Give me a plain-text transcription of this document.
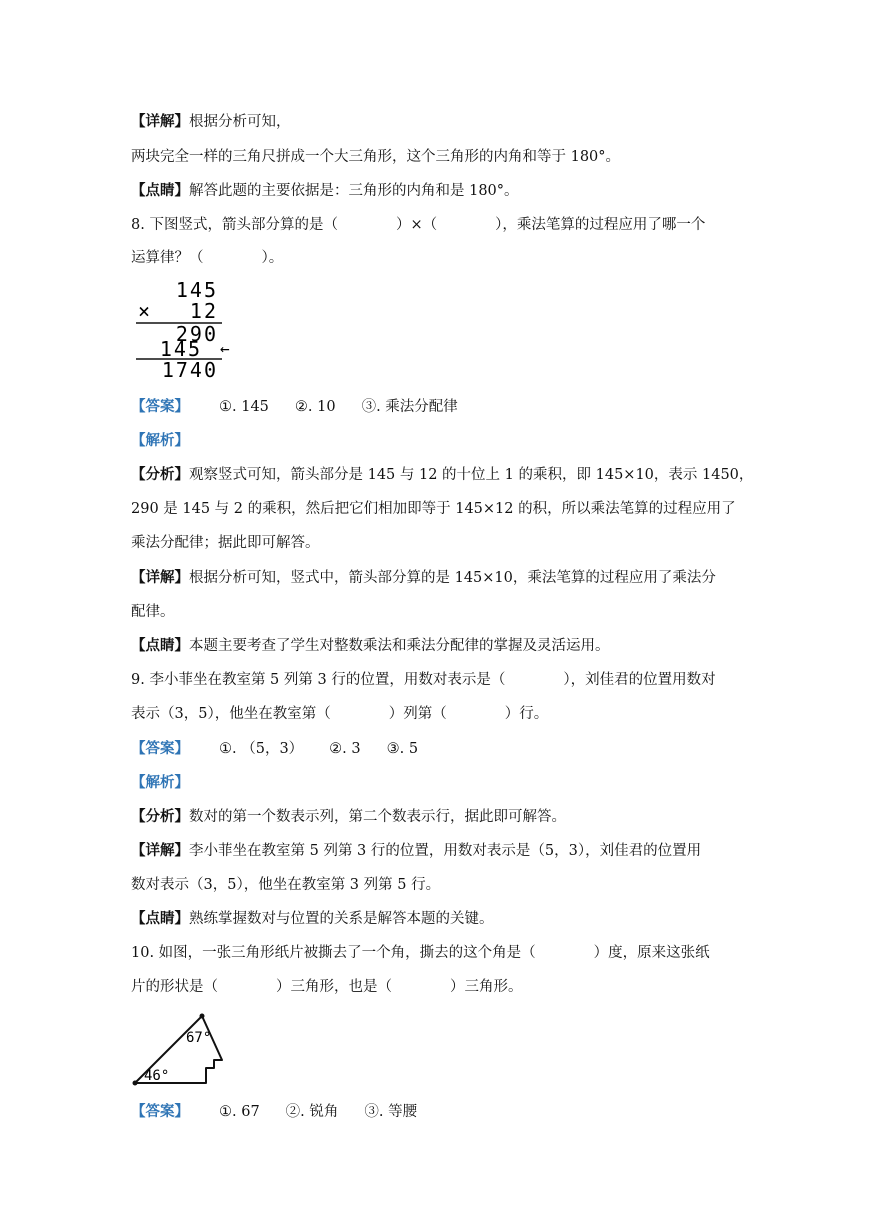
【详解】根据分析可知，
两块完全一样的三角尺拼成一个大三角形，这个三角形的内角和等于 180°。
【点睛】解答此题的主要依据是：三角形的内角和是 180°。
8. 下图竖式，箭头部分算的是（　　　　）×（　　　　），乘法笔算的过程应用了哪一个
运算律？（　　　　）。
145
× 12
290
145 ←
1740
【答案】 ①. 145 ②. 10 ③. 乘法分配律
【解析】
【分析】观察竖式可知，箭头部分是 145 与 12 的十位上 1 的乘积，即 145×10，表示 1450，
290 是 145 与 2 的乘积，然后把它们相加即等于 145×12 的积，所以乘法笔算的过程应用了
乘法分配律；据此即可解答。
【详解】根据分析可知，竖式中，箭头部分算的是 145×10，乘法笔算的过程应用了乘法分
配律。
【点睛】本题主要考查了学生对整数乘法和乘法分配律的掌握及灵活运用。
9. 李小菲坐在教室第 5 列第 3 行的位置，用数对表示是（　　　　），刘佳君的位置用数对
表示（3，5），他坐在教室第（　　　　）列第（　　　　）行。
【答案】 ①. （5，3） ②. 3 ③. 5
【解析】
【分析】数对的第一个数表示列，第二个数表示行，据此即可解答。
【详解】李小菲坐在教室第 5 列第 3 行的位置，用数对表示是（5，3），刘佳君的位置用
数对表示（3，5），他坐在教室第 3 列第 5 行。
【点睛】熟练掌握数对与位置的关系是解答本题的关键。
10. 如图，一张三角形纸片被撕去了一个角，撕去的这个角是（　　　　）度，原来这张纸
片的形状是（　　　　）三角形，也是（　　　　）三角形。
67°
46°
【答案】 ①. 67 ②. 锐角 ③. 等腰
